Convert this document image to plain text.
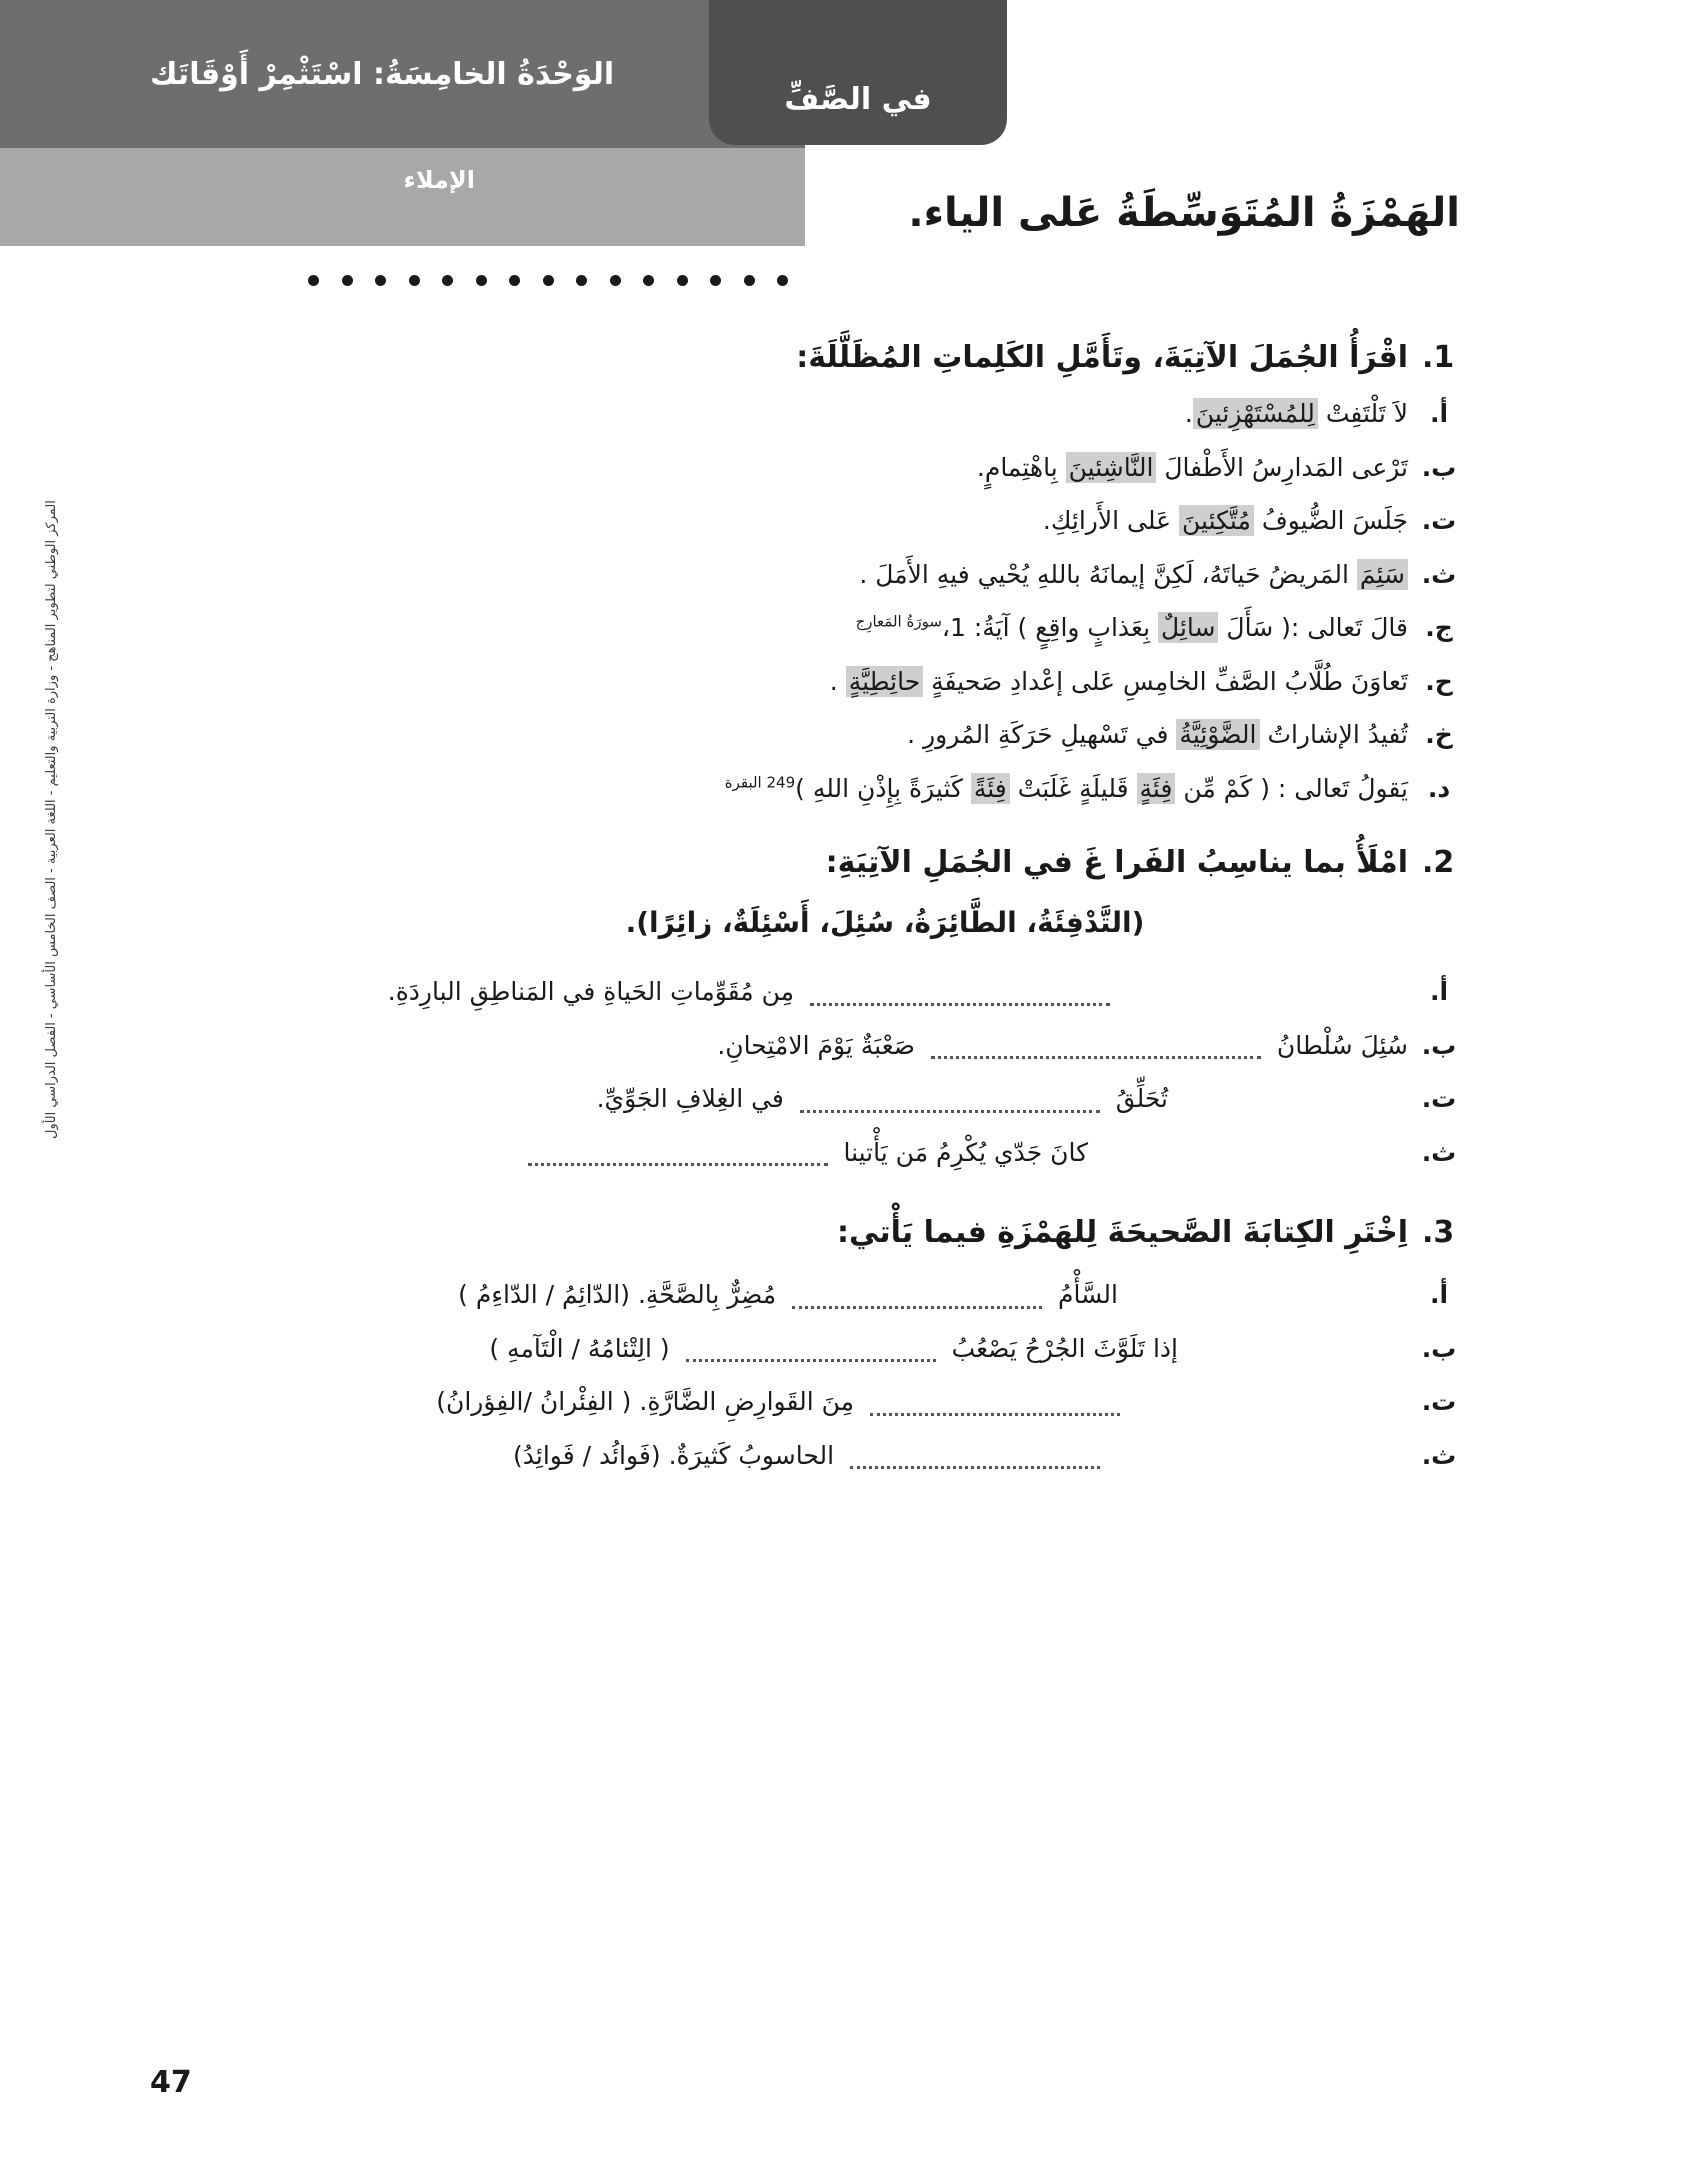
الوَحْدَةُ الخامِسَةُ: اسْتَثْمِرْ أَوْقَاتَك
الإملاء
في الصَّفِّ
الهَمْزَةُ المُتَوَسِّطَةُ عَلى الياء.
1.
اقْرَأُ الجُمَلَ الآتِيَةَ، وتَأَمَّلِ الكَلِماتِ المُظَلَّلَةَ:
أ.
لاَ تَلْتَفِتْ لِلمُسْتَهْزِئينَ.
ب.
تَرْعى المَدارِسُ الأَطْفالَ النَّاشِئينَ بِاهْتِمامٍ.
ت.
جَلَسَ الضُّيوفُ مُتَّكِئينَ عَلى الأَرائِكِ.
ث.
سَئِمَ المَريضُ حَياتَهُ، لَكِنَّ إيمانَهُ باللهِ يُحْيي فيهِ الأَمَلَ .
ج.
قالَ تَعالى :( سَأَلَ سائِلٌ بِعَذابٍ واقِعٍ ) آيَةُ: 1،$^{سورَةُ المَعارِج}$
ح.
تَعاوَنَ طُلَّابُ الصَّفِّ الخامِسِ عَلى إعْدادِ صَحيفَةٍ حائِطِيَّةٍ .
خ.
تُفيدُ الإشاراتُ الضَّوْئِيَّةُ في تَسْهيلِ حَرَكَةِ المُرورِ .
د.
يَقولُ تَعالى : ( كَمْ مِّن فِئَةٍ قَليلَةٍ غَلَبَتْ فِئَةً كَثيرَةً بِإِذْنِ اللهِ )$^{249 البقرة}$
2.
امْلَأُ بما يناسِبُ الفَرا غَ في الجُمَلِ الآتِيَةِ:
(التَّدْفِئَةُ، الطَّائِرَةُ، سُئِلَ، أَسْئِلَةٌ، زائِرًا).
أ.
مِن مُقَوِّماتِ الحَياةِ في المَناطِقِ البارِدَةِ.
ب.
سُئِلَ سُلْطانُ  صَعْبَةٌ يَوْمَ الامْتِحانِ.
ت.
تُحَلِّقُ  في الغِلافِ الجَوِّيِّ.
ث.
كانَ جَدّي يُكْرِمُ مَن يَأْتينا
3.
اِخْتَرِ الكِتابَةَ الصَّحيحَةَ لِلهَمْزَةِ فيما يَأْتي:
أ.
السَّأْمُ  مُضِرٌّ بِالصَّحَّةِ. (الدّائِمُ / الدّاءِمُ )
ب.
إذا تَلَوَّثَ الجُرْحُ يَصْعُبُ  ( الِتْئامُهُ / الْتَآمهِ )
ت.
مِنَ القَوارِضِ الضَّارَّةِ. ( الفِئْرانُ /الفِؤرانُ)
ث.
الحاسوبُ كَثيرَةٌ. (فَوائُد / فَوائِدُ)
المركز الوطني لتطوير المناهج - وزارة التربية والتعليم - اللغة العربية - الصف الخامس الأساسي - الفصل الدراسي الأول
47
